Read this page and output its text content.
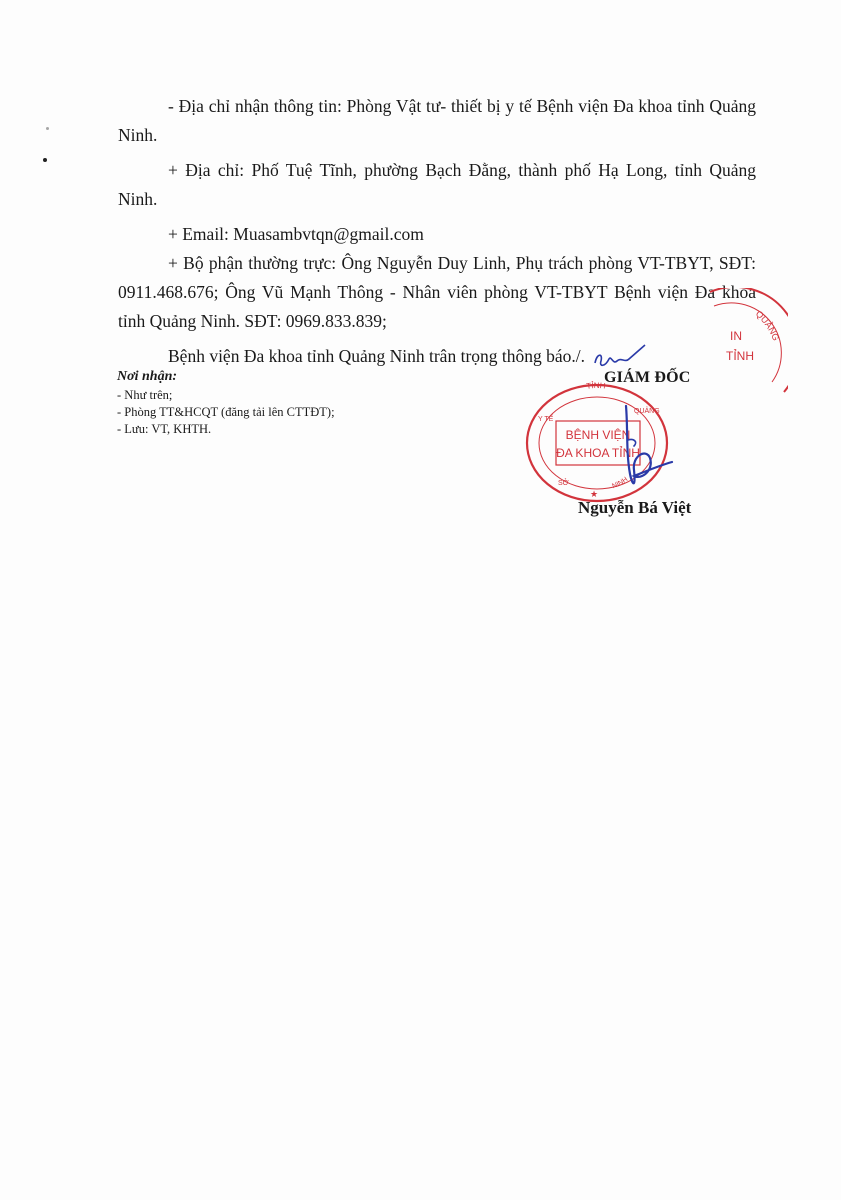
- Địa chỉ nhận thông tin: Phòng Vật tư- thiết bị y tế Bệnh viện Đa khoa tỉnh Quảng Ninh.

+ Địa chỉ: Phố Tuệ Tĩnh, phường Bạch Đằng, thành phố Hạ Long, tỉnh Quảng Ninh.

+ Email: Muasambvtqn@gmail.com

+ Bộ phận thường trực: Ông Nguyễn Duy Linh, Phụ trách phòng VT-TBYT, SĐT: 0911.468.676; Ông Vũ Mạnh Thông - Nhân viên phòng VT-TBYT Bệnh viện Đa khoa tỉnh Quảng Ninh. SĐT: 0969.833.839;

Bệnh viện Đa khoa tỉnh Quảng Ninh trân trọng thông báo./.

Nơi nhận:
- Như trên;
- Phòng TT&HCQT (đăng tải lên CTTĐT);
- Lưu: VT, KHTH.
QUẢNG
IN
TỈNH
GIÁM ĐỐC
TỈNH
Y TẾ
QUẢNG
NINH
SỞ
BỆNH VIỆN
ĐA KHOA TỈNH
★
Nguyễn Bá Việt
